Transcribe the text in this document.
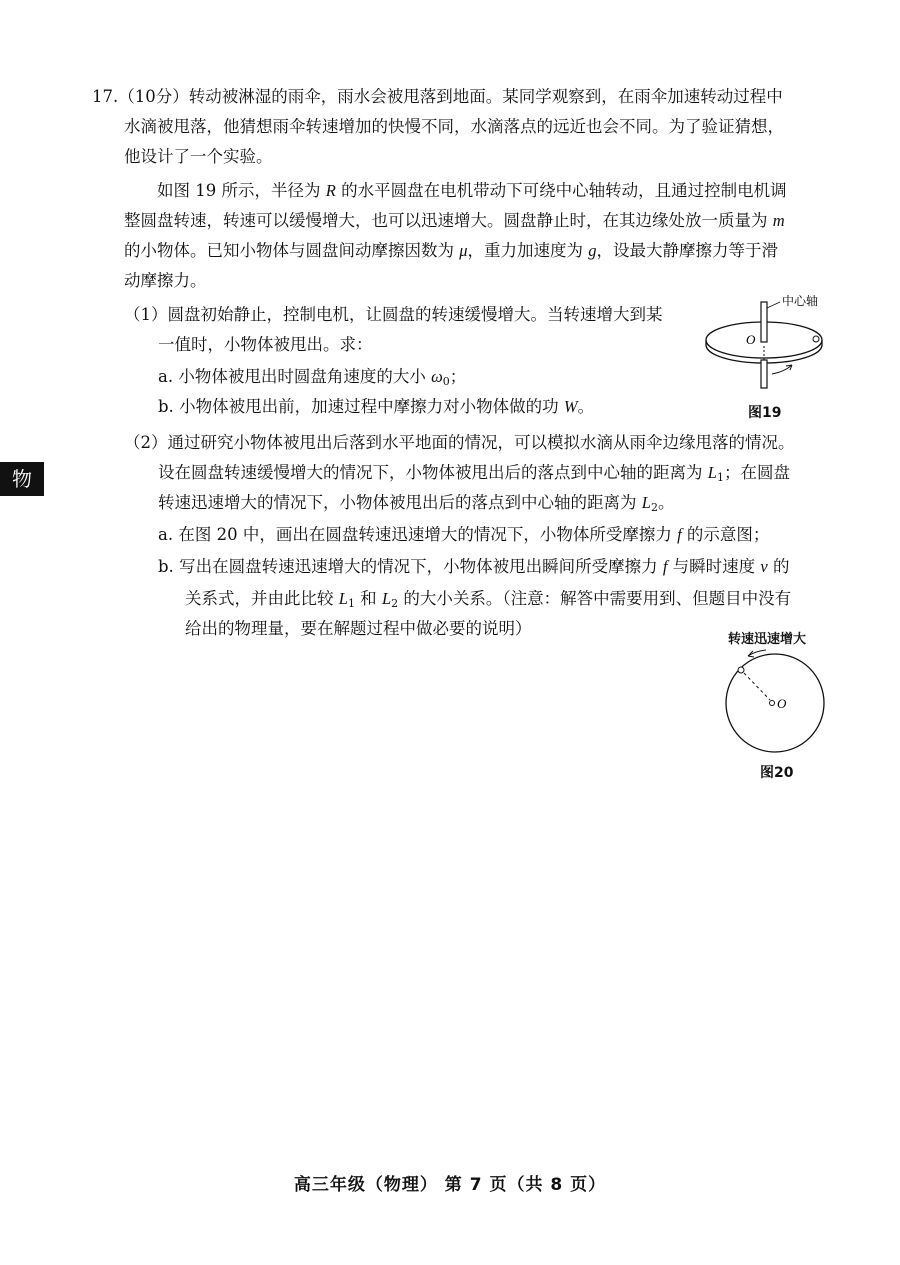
17.（10分）转动被淋湿的雨伞，雨水会被甩落到地面。某同学观察到，在雨伞加速转动过程中
水滴被甩落，他猜想雨伞转速增加的快慢不同，水滴落点的远近也会不同。为了验证猜想，
他设计了一个实验。
如图 19 所示，半径为 R 的水平圆盘在电机带动下可绕中心轴转动，且通过控制电机调
整圆盘转速，转速可以缓慢增大，也可以迅速增大。圆盘静止时，在其边缘处放一质量为 m
的小物体。已知小物体与圆盘间动摩擦因数为 μ，重力加速度为 g，设最大静摩擦力等于滑
动摩擦力。
（1）圆盘初始静止，控制电机，让圆盘的转速缓慢增大。当转速增大到某
一值时，小物体被甩出。求：
a. 小物体被甩出时圆盘角速度的大小 $\omega_0$；
b. 小物体被甩出前，加速过程中摩擦力对小物体做的功 W。
中心轴
O
图19
（2）通过研究小物体被甩出后落到水平地面的情况，可以模拟水滴从雨伞边缘甩落的情况。
设在圆盘转速缓慢增大的情况下，小物体被甩出后的落点到中心轴的距离为 $L_1$；在圆盘
转速迅速增大的情况下，小物体被甩出后的落点到中心轴的距离为 $L_2$。
a. 在图 20 中，画出在圆盘转速迅速增大的情况下，小物体所受摩擦力 f 的示意图；
b. 写出在圆盘转速迅速增大的情况下，小物体被甩出瞬间所受摩擦力 f 与瞬时速度 v 的
关系式，并由此比较 $L_1$ 和 $L_2$ 的大小关系。（注意：解答中需要用到、但题目中没有
给出的物理量，要在解题过程中做必要的说明）
转速迅速增大
O
图20
物
高三年级（物理） 第 7 页（共 8 页）
